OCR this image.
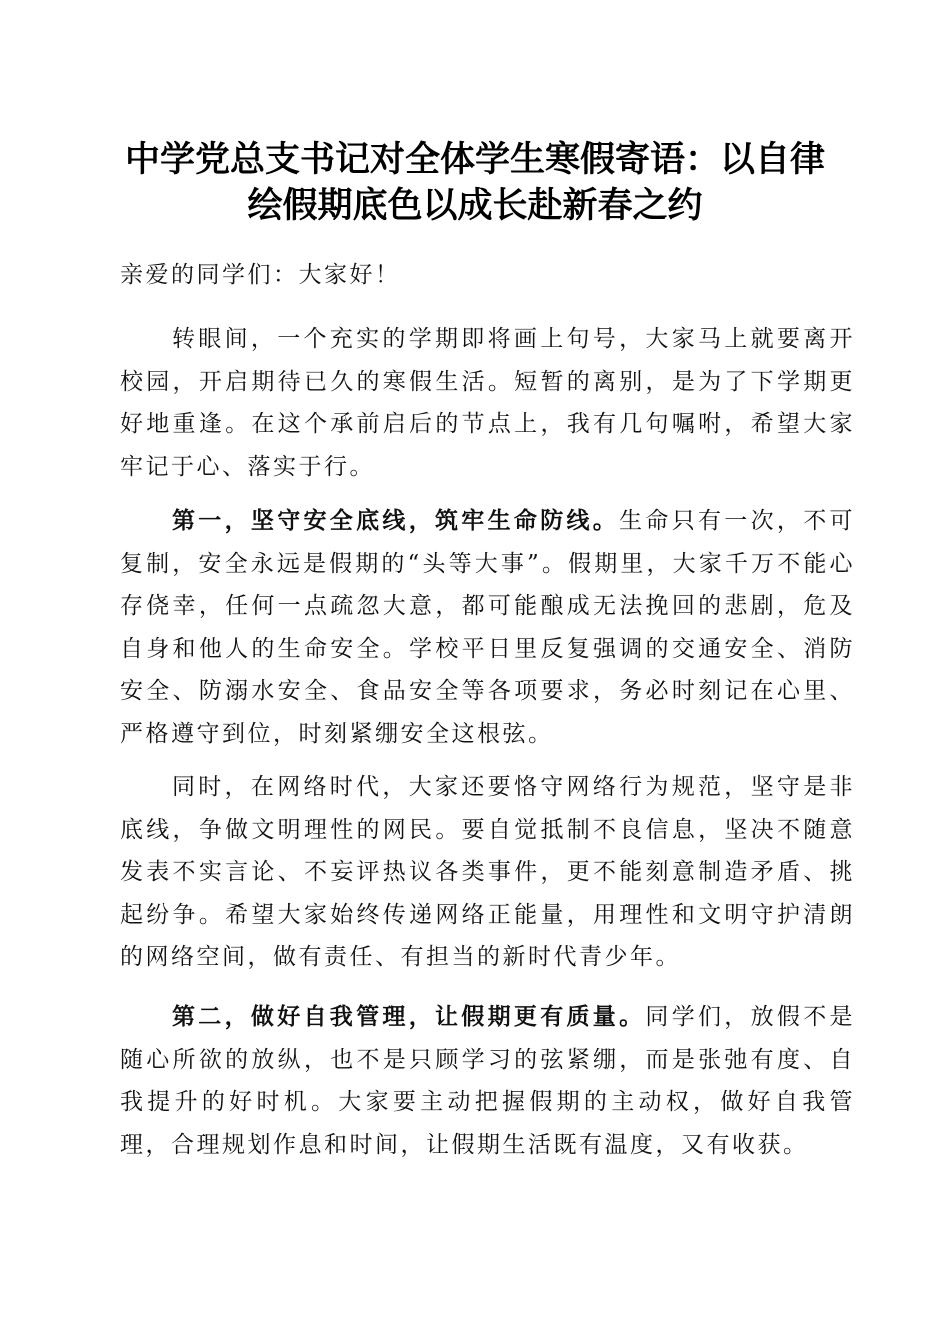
中学党总支书记对全体学生寒假寄语：以自律
绘假期底色以成长赴新春之约

亲爱的同学们：大家好！

转眼间，一个充实的学期即将画上句号，大家马上就要离开校园，开启期待已久的寒假生活。短暂的离别，是为了下学期更好地重逢。在这个承前启后的节点上，我有几句嘱咐，希望大家牢记于心、落实于行。

第一，坚守安全底线，筑牢生命防线。生命只有一次，不可复制，安全永远是假期的“头等大事”。假期里，大家千万不能心存侥幸，任何一点疏忽大意，都可能酿成无法挽回的悲剧，危及自身和他人的生命安全。学校平日里反复强调的交通安全、消防安全、防溺水安全、食品安全等各项要求，务必时刻记在心里、严格遵守到位，时刻紧绷安全这根弦。

同时，在网络时代，大家还要恪守网络行为规范，坚守是非底线，争做文明理性的网民。要自觉抵制不良信息，坚决不随意发表不实言论、不妄评热议各类事件，更不能刻意制造矛盾、挑起纷争。希望大家始终传递网络正能量，用理性和文明守护清朗的网络空间，做有责任、有担当的新时代青少年。

第二，做好自我管理，让假期更有质量。同学们，放假不是随心所欲的放纵，也不是只顾学习的弦紧绷，而是张弛有度、自我提升的好时机。大家要主动把握假期的主动权，做好自我管理，合理规划作息和时间，让假期生活既有温度，又有收获。
